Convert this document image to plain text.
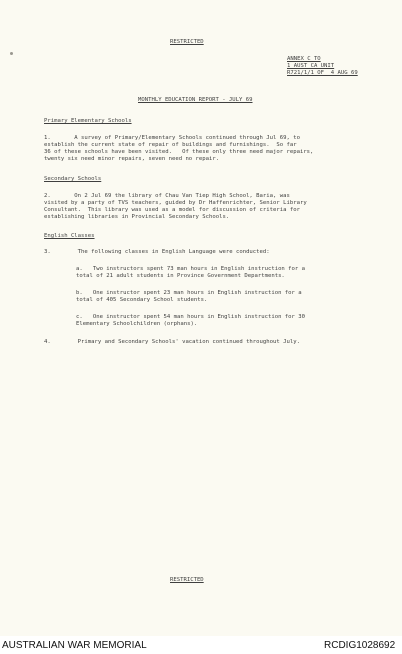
RESTRICTED
ANNEX C TO
1 AUST CA UNIT
R721/1/1 OF  4 AUG 69
MONTHLY EDUCATION REPORT - JULY 69
Primary Elementary Schools
1.       A survey of Primary/Elementary Schools continued through Jul 69, to
establish the current state of repair of buildings and furnishings.  So far
36 of these schools have been visited.   Of these only three need major repairs,
twenty six need minor repairs, seven need no repair.
Secondary Schools
2.       On 2 Jul 69 the library of Chau Van Tiep High School, Baria, was
visited by a party of TVS teachers, guided by Dr Haffenrichter, Senior Library
Consultant.  This library was used as a model for discussion of criteria for
establishing libraries in Provincial Secondary Schools.
English Classes
3.        The following classes in English Language were conducted:
a.   Two instructors spent 73 man hours in English instruction for a
total of 21 adult students in Province Government Departments.
b.   One instructor spent 23 man hours in English instruction for a
total of 405 Secondary School students.
c.   One instructor spent 54 man hours in English instruction for 30
Elementary Schoolchildren (orphans).
4.        Primary and Secondary Schools' vacation continued throughout July.
RESTRICTED
AUSTRALIAN WAR MEMORIAL	RCDIG1028692
